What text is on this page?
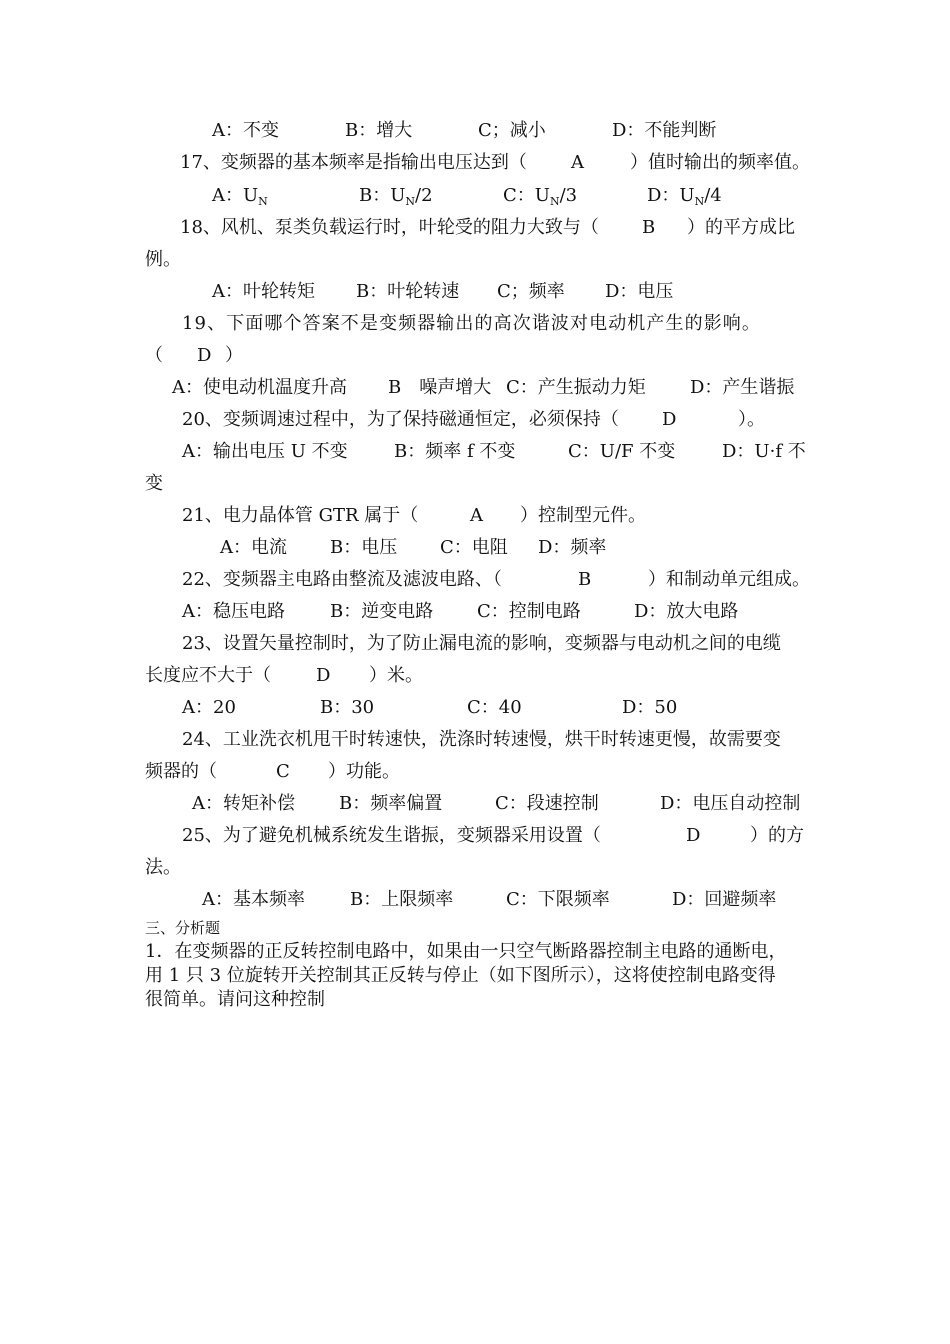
A：不变	B：增大	C；减小	D：不能判断
17、变频器的基本频率是指输出电压达到（ A	）值时输出的频率值。
A：$U_N$	B：$U_N/2$	C：$U_N/3$	D：$U_N/4$
18、风机、泵类负载运行时，叶轮受的阻力大致与（ B ）的平方成比
例。
A：叶轮转矩 B：叶轮转速 C；频率 D：电压
19、下面哪个答案不是变频器输出的高次谐波对电动机产生的影响。
（ D ）
A：使电动机温度升高 B　噪声增大 C：产生振动力矩 D：产生谐振
20、变频调速过程中，为了保持磁通恒定，必须保持（ D	）。
A：输出电压 U 不变	B：频率 f 不变	C：U/F 不变	D：U·f 不
变
21、电力晶体管 GTR 属于（	A ）控制型元件。
A：电流 B：电压 C：电阻 D：频率
22、变频器主电路由整流及滤波电路、（	B	）和制动单元组成。
A：稳压电路	B：逆变电路 C：控制电路	D：放大电路
23、设置矢量控制时，为了防止漏电流的影响，变频器与电动机之间的电缆
长度应不大于（	D ）米。
A：20	B：30	C：40	D：50
24、工业洗衣机甩干时转速快，洗涤时转速慢，烘干时转速更慢，故需要变
频器的（	C ）功能。
A：转矩补偿 B：频率偏置	C：段速控制	D：电压自动控制
25、为了避免机械系统发生谐振，变频器采用设置（	D	）的方
法。
A：基本频率	B：上限频率	C：下限频率	D：回避频率
三、分析题
1．在变频器的正反转控制电路中，如果由一只空气断路器控制主电路的通断电，
用 1 只 3 位旋转开关控制其正反转与停止（如下图所示），这将使控制电路变得
很简单。请问这种控制
